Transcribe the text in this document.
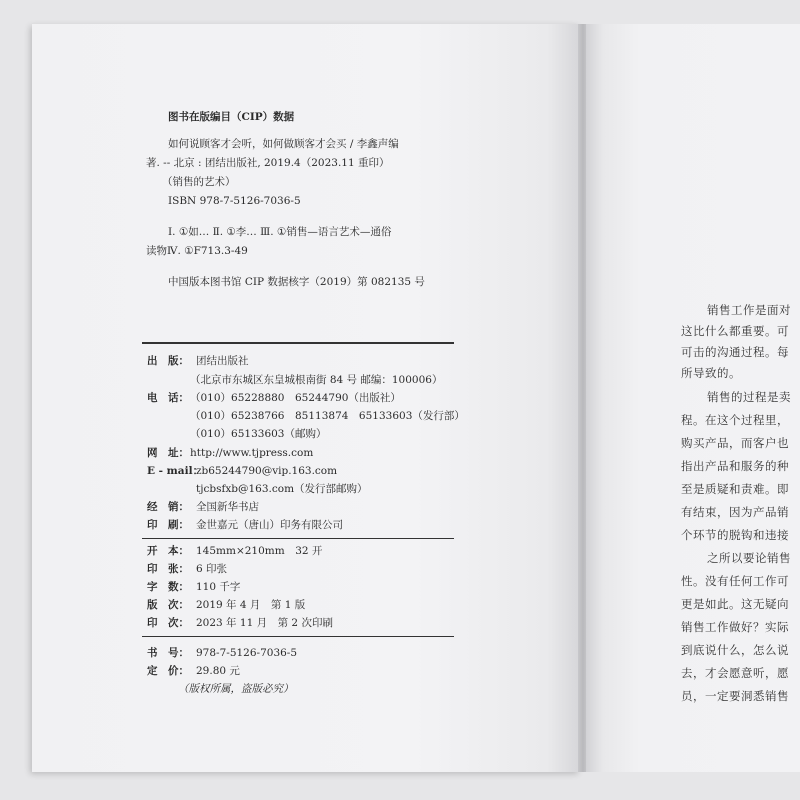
图书在版编目（CIP）数据
如何说顾客才会听，如何做顾客才会买 / 李鑫声编
著. -- 北京 : 团结出版社, 2019.4（2023.11 重印）
（销售的艺术）
ISBN 978-7-5126-7036-5
Ⅰ. ①如… Ⅱ. ①李… Ⅲ. ①销售—语言艺术—通俗
读物Ⅳ. ①F713.3-49
中国版本图书馆 CIP 数据核字（2019）第 082135 号
出　版： 团结出版社
（北京市东城区东皇城根南街 84 号 邮编：100006）
电　话： （010）65228880　65244790（出版社）
（010）65238766　85113874　65133603（发行部）
（010）65133603（邮购）
网　址： http://www.tjpress.com
E - mail：
zb65244790@vip.163.com
tjcbsfxb@163.com（发行部邮购）
经　销： 全国新华书店
印　刷： 金世嘉元（唐山）印务有限公司
开　本： 145mm×210mm　32 开
印　张： 6 印张
字　数： 110 千字
版　次： 2019 年 4 月　第 1 版
印　次： 2023 年 11 月　第 2 次印刷
书　号： 978-7-5126-7036-5
定　价： 29.80 元
（版权所属，盗版必究）
销售工作是面对
这比什么都重要。可
可击的沟通过程。每
所导致的。
销售的过程是卖
程。在这个过程里，
购买产品，而客户也
指出产品和服务的种
至是质疑和责难。即
有结束，因为产品销
个环节的脱钩和违接
之所以要论销售
性。没有任何工作可
更是如此。这无疑向
销售工作做好？实际
到底说什么，怎么说
去，才会愿意听，愿
员，一定要洞悉销售
